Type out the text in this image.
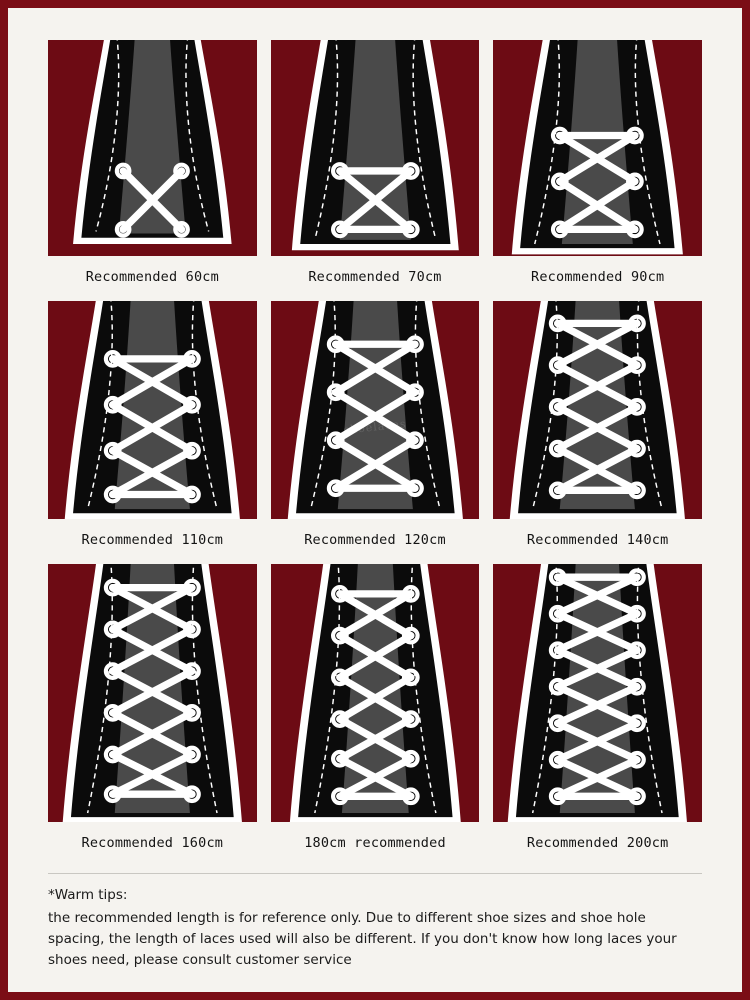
Recommended 60cm	Recommended 70cm	Recommended 90cm
Recommended 110cm	Recommended 120cm	Recommended 140cm
Recommended 160cm	180cm recommended	Recommended 200cm
*Warm tips:
the recommended length is for reference only. Due to different shoe sizes and shoe hole spacing, the length of laces used will also be different. If you don't know how long laces your shoes need, please consult customer service
